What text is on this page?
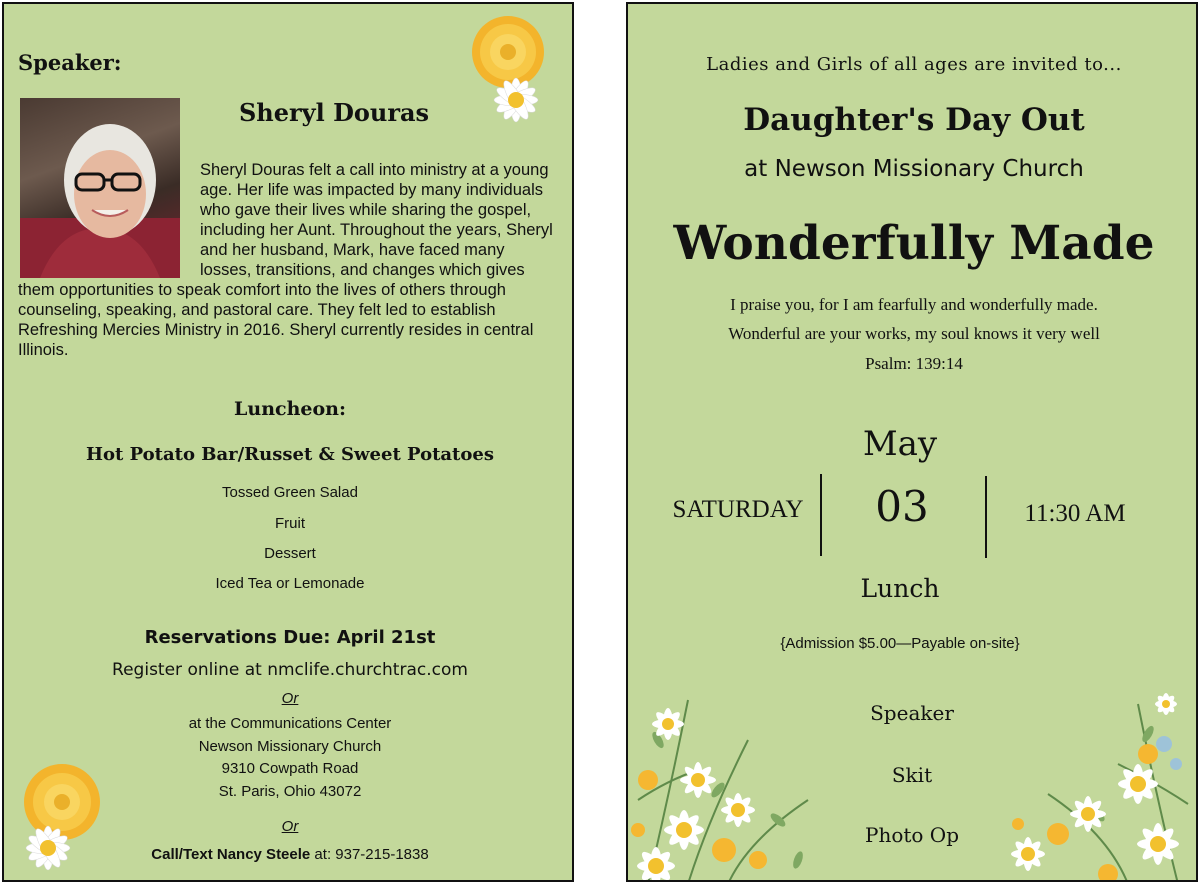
Speaker:
Sheryl Douras
Sheryl Douras felt a call into ministry at a young age. Her life was impacted by many individuals who gave their lives while sharing the gospel, including her Aunt. Throughout the years, Sheryl and her husband, Mark, have faced many losses, transitions, and changes which gives them opportunities to speak comfort into the lives of others through counseling, speaking, and pastoral care. They felt led to establish Refreshing Mercies Ministry in 2016. Sheryl currently resides in central Illinois.
Luncheon:
Hot Potato Bar/Russet & Sweet Potatoes
Tossed Green Salad
Fruit
Dessert
Iced Tea or Lemonade
Reservations Due: April 21st
Register online at nmclife.churchtrac.com
Or
at the Communications Center
Newson Missionary Church
9310 Cowpath Road
St. Paris, Ohio 43072
Or
Call/Text Nancy Steele at: 937-215-1838
Ladies and Girls of all ages are invited to...
Daughter's Day Out
at Newson Missionary Church
Wonderfully Made
I praise you, for I am fearfully and wonderfully made.
Wonderful are your works, my soul knows it very well
Psalm: 139:14
May
SATURDAY	03	11:30 AM
Lunch
{Admission $5.00—Payable on-site}
Speaker
Skit
Photo Op
